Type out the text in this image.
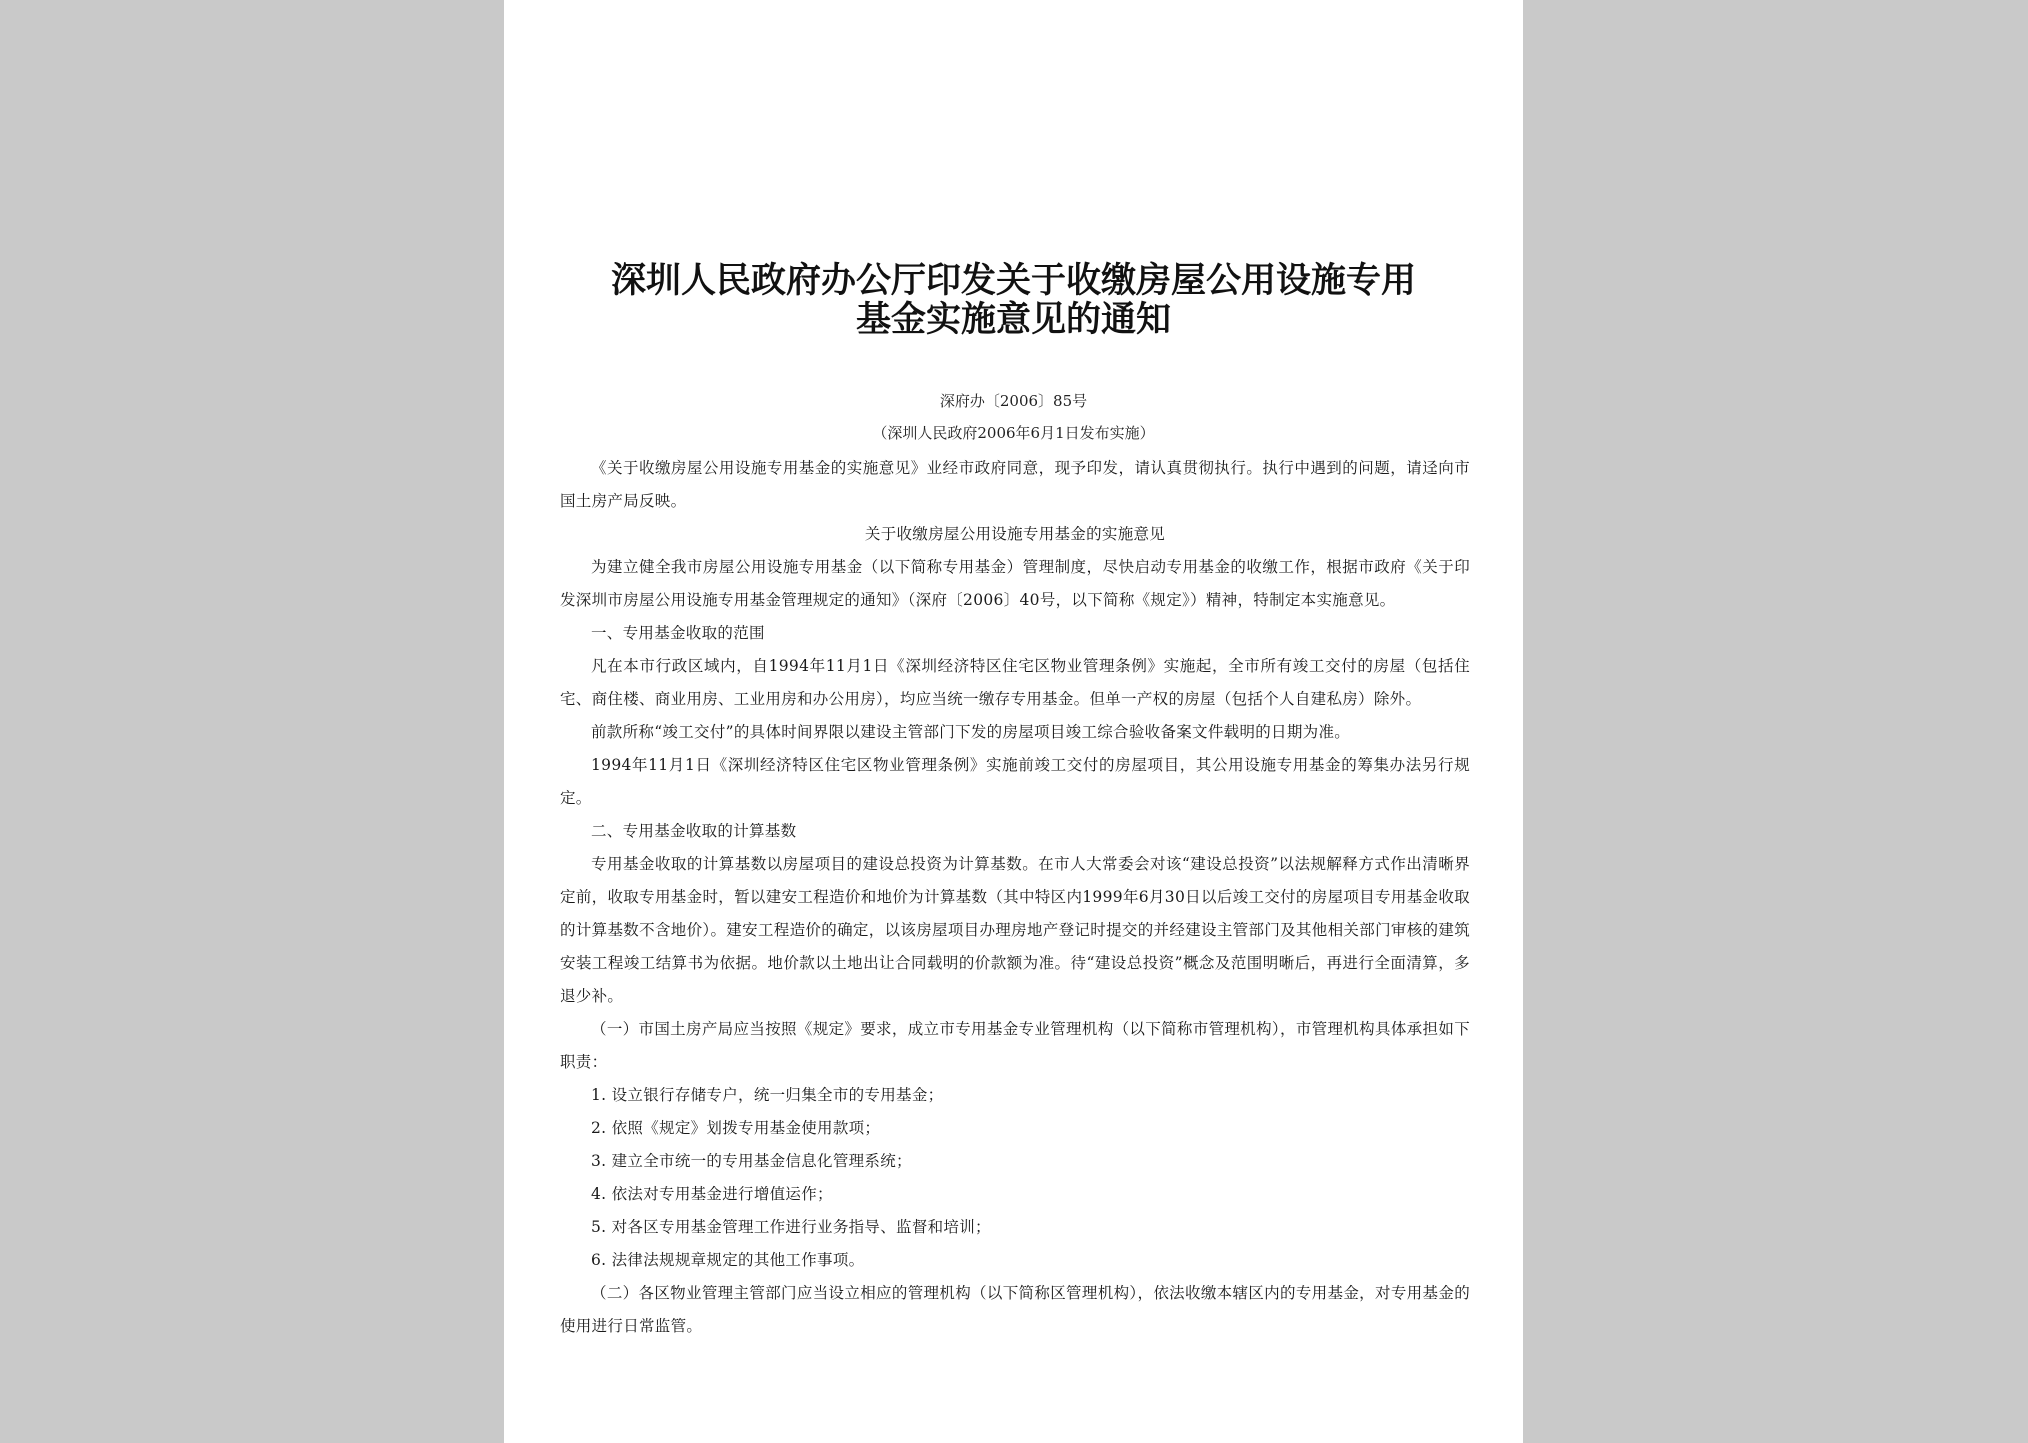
深圳人民政府办公厅印发关于收缴房屋公用设施专用
基金实施意见的通知
深府办〔2006〕85号
（深圳人民政府2006年6月1日发布实施）

《关于收缴房屋公用设施专用基金的实施意见》业经市政府同意，现予印发，请认真贯彻执行。执行中遇到的问题，请迳向市国土房产局反映。

关于收缴房屋公用设施专用基金的实施意见

为建立健全我市房屋公用设施专用基金（以下简称专用基金）管理制度，尽快启动专用基金的收缴工作，根据市政府《关于印发深圳市房屋公用设施专用基金管理规定的通知》（深府〔2006〕40号，以下简称《规定》）精神，特制定本实施意见。

一、专用基金收取的范围

凡在本市行政区域内，自1994年11月1日《深圳经济特区住宅区物业管理条例》实施起，全市所有竣工交付的房屋（包括住宅、商住楼、商业用房、工业用房和办公用房），均应当统一缴存专用基金。但单一产权的房屋（包括个人自建私房）除外。

前款所称“竣工交付”的具体时间界限以建设主管部门下发的房屋项目竣工综合验收备案文件载明的日期为准。

1994年11月1日《深圳经济特区住宅区物业管理条例》实施前竣工交付的房屋项目，其公用设施专用基金的筹集办法另行规定。

二、专用基金收取的计算基数

专用基金收取的计算基数以房屋项目的建设总投资为计算基数。在市人大常委会对该“建设总投资”以法规解释方式作出清晰界定前，收取专用基金时，暂以建安工程造价和地价为计算基数（其中特区内1999年6月30日以后竣工交付的房屋项目专用基金收取的计算基数不含地价）。建安工程造价的确定，以该房屋项目办理房地产登记时提交的并经建设主管部门及其他相关部门审核的建筑安装工程竣工结算书为依据。地价款以土地出让合同载明的价款额为准。待“建设总投资”概念及范围明晰后，再进行全面清算，多退少补。

（一）市国土房产局应当按照《规定》要求，成立市专用基金专业管理机构（以下简称市管理机构），市管理机构具体承担如下职责：

1. 设立银行存储专户，统一归集全市的专用基金；

2. 依照《规定》划拨专用基金使用款项；

3. 建立全市统一的专用基金信息化管理系统；

4. 依法对专用基金进行增值运作；

5. 对各区专用基金管理工作进行业务指导、监督和培训；

6. 法律法规规章规定的其他工作事项。

（二）各区物业管理主管部门应当设立相应的管理机构（以下简称区管理机构），依法收缴本辖区内的专用基金，对专用基金的使用进行日常监管。
